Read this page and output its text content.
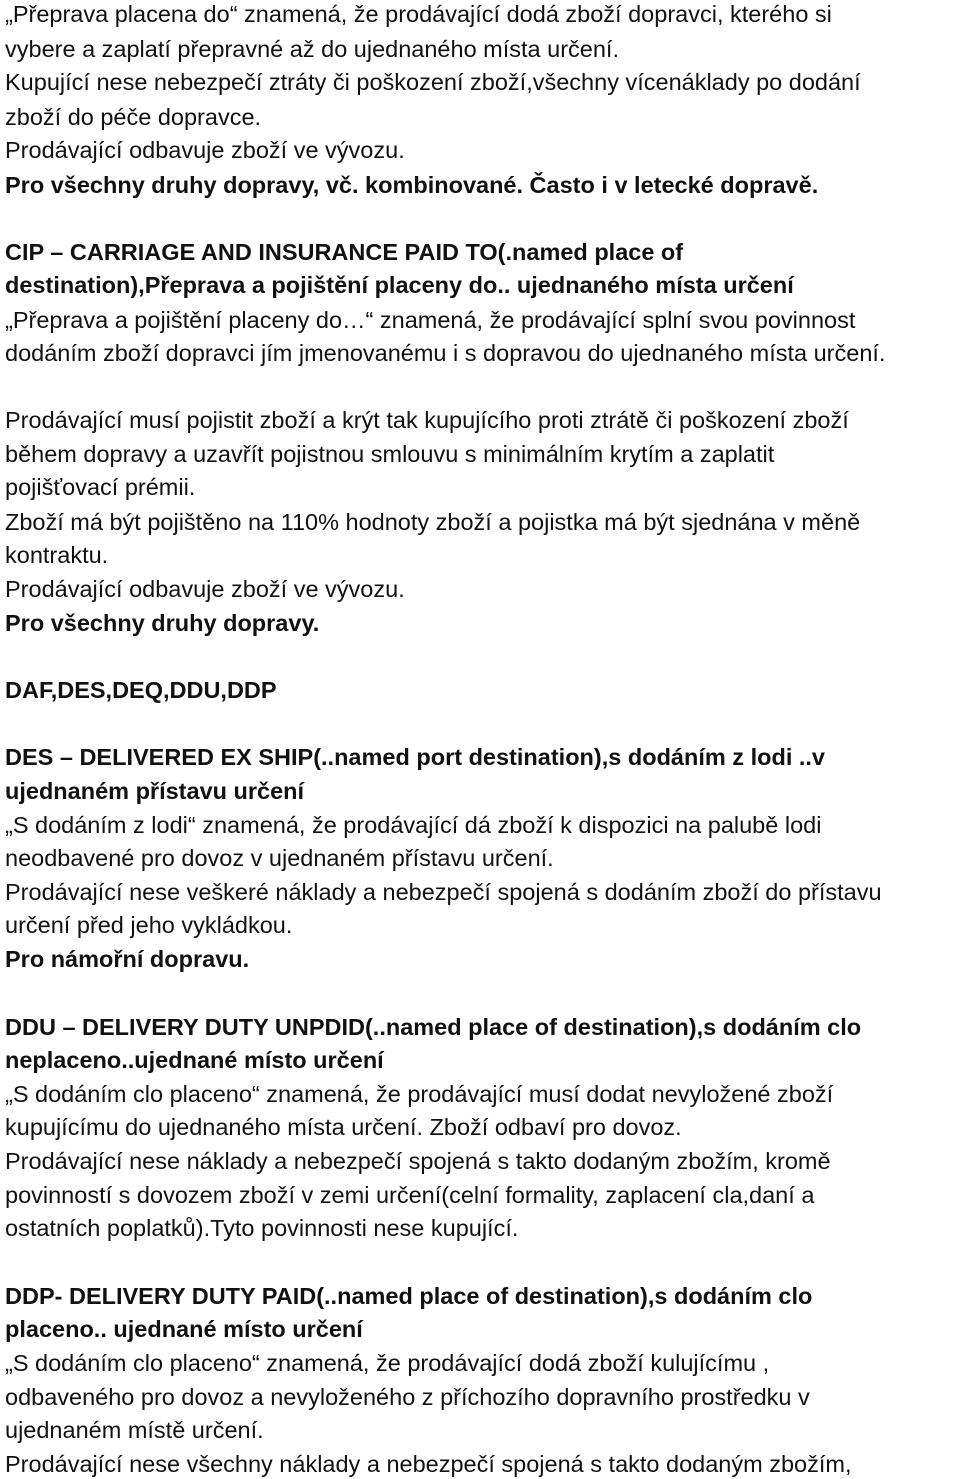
„Přeprava placena do“ znamená, že prodávající dodá zboží dopravci, kterého si
vybere a zaplatí přepravné až do ujednaného místa určení.
Kupující nese nebezpečí ztráty či poškození zboží,všechny vícenáklady po dodání
zboží do péče dopravce.
Prodávající odbavuje zboží ve vývozu.
Pro všechny druhy dopravy, vč. kombinované. Často i v letecké dopravě.
CIP – CARRIAGE AND INSURANCE PAID TO(.named place of
destination),Přeprava a pojištění placeny do.. ujednaného místa určení
„Přeprava a pojištění placeny do…“ znamená, že prodávající splní svou povinnost
dodáním zboží dopravci jím jmenovanému i s dopravou do ujednaného místa určení.
Prodávající musí pojistit zboží a krýt tak kupujícího proti ztrátě či poškození zboží
během dopravy a uzavřít pojistnou smlouvu s minimálním krytím a zaplatit
pojišťovací prémii.
Zboží má být pojištěno na 110% hodnoty zboží a pojistka má být sjednána v měně
kontraktu.
Prodávající odbavuje zboží ve vývozu.
Pro všechny druhy dopravy.
DAF,DES,DEQ,DDU,DDP
DES – DELIVERED EX SHIP(..named port destination),s dodáním z lodi ..v
ujednaném přístavu určení
„S dodáním z lodi“ znamená, že prodávající dá zboží k dispozici na palubě lodi
neodbavené pro dovoz v ujednaném přístavu určení.
Prodávající nese veškeré náklady a nebezpečí spojená s dodáním zboží do přístavu
určení před jeho vykládkou.
Pro námořní dopravu.
DDU – DELIVERY DUTY UNPDID(..named place of destination),s dodáním clo
neplaceno..ujednané místo určení
„S dodáním clo placeno“ znamená, že prodávající musí dodat nevyložené zboží
kupujícímu do ujednaného místa určení. Zboží odbaví pro dovoz.
Prodávající nese náklady a nebezpečí spojená s takto dodaným zbožím, kromě
povinností s dovozem zboží v zemi určení(celní formality, zaplacení cla,daní a
ostatních poplatků).Tyto povinnosti nese kupující.
DDP- DELIVERY DUTY PAID(..named place of destination),s dodáním clo
placeno.. ujednané místo určení
„S dodáním clo placeno“ znamená, že prodávající dodá zboží kulujícímu ,
odbaveného pro dovoz a nevyloženého z příchozího dopravního prostředku v
ujednaném místě určení.
Prodávající nese všechny náklady a nebezpečí spojená s takto dodaným zbožím,
